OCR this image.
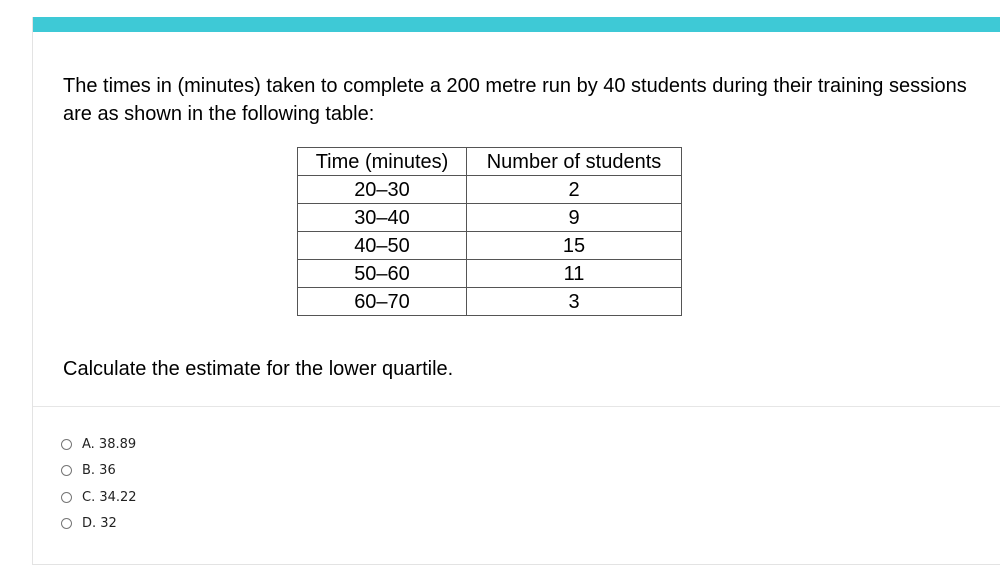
The times in (minutes) taken to complete a 200 metre run by 40 students during their training sessions are as shown in the following table:

Time (minutes)	Number of students
20–30	2
30–40	9
40–50	15
50–60	11
60–70	3

Calculate the estimate for the lower quartile.

A. 38.89
B. 36
C. 34.22
D. 32
